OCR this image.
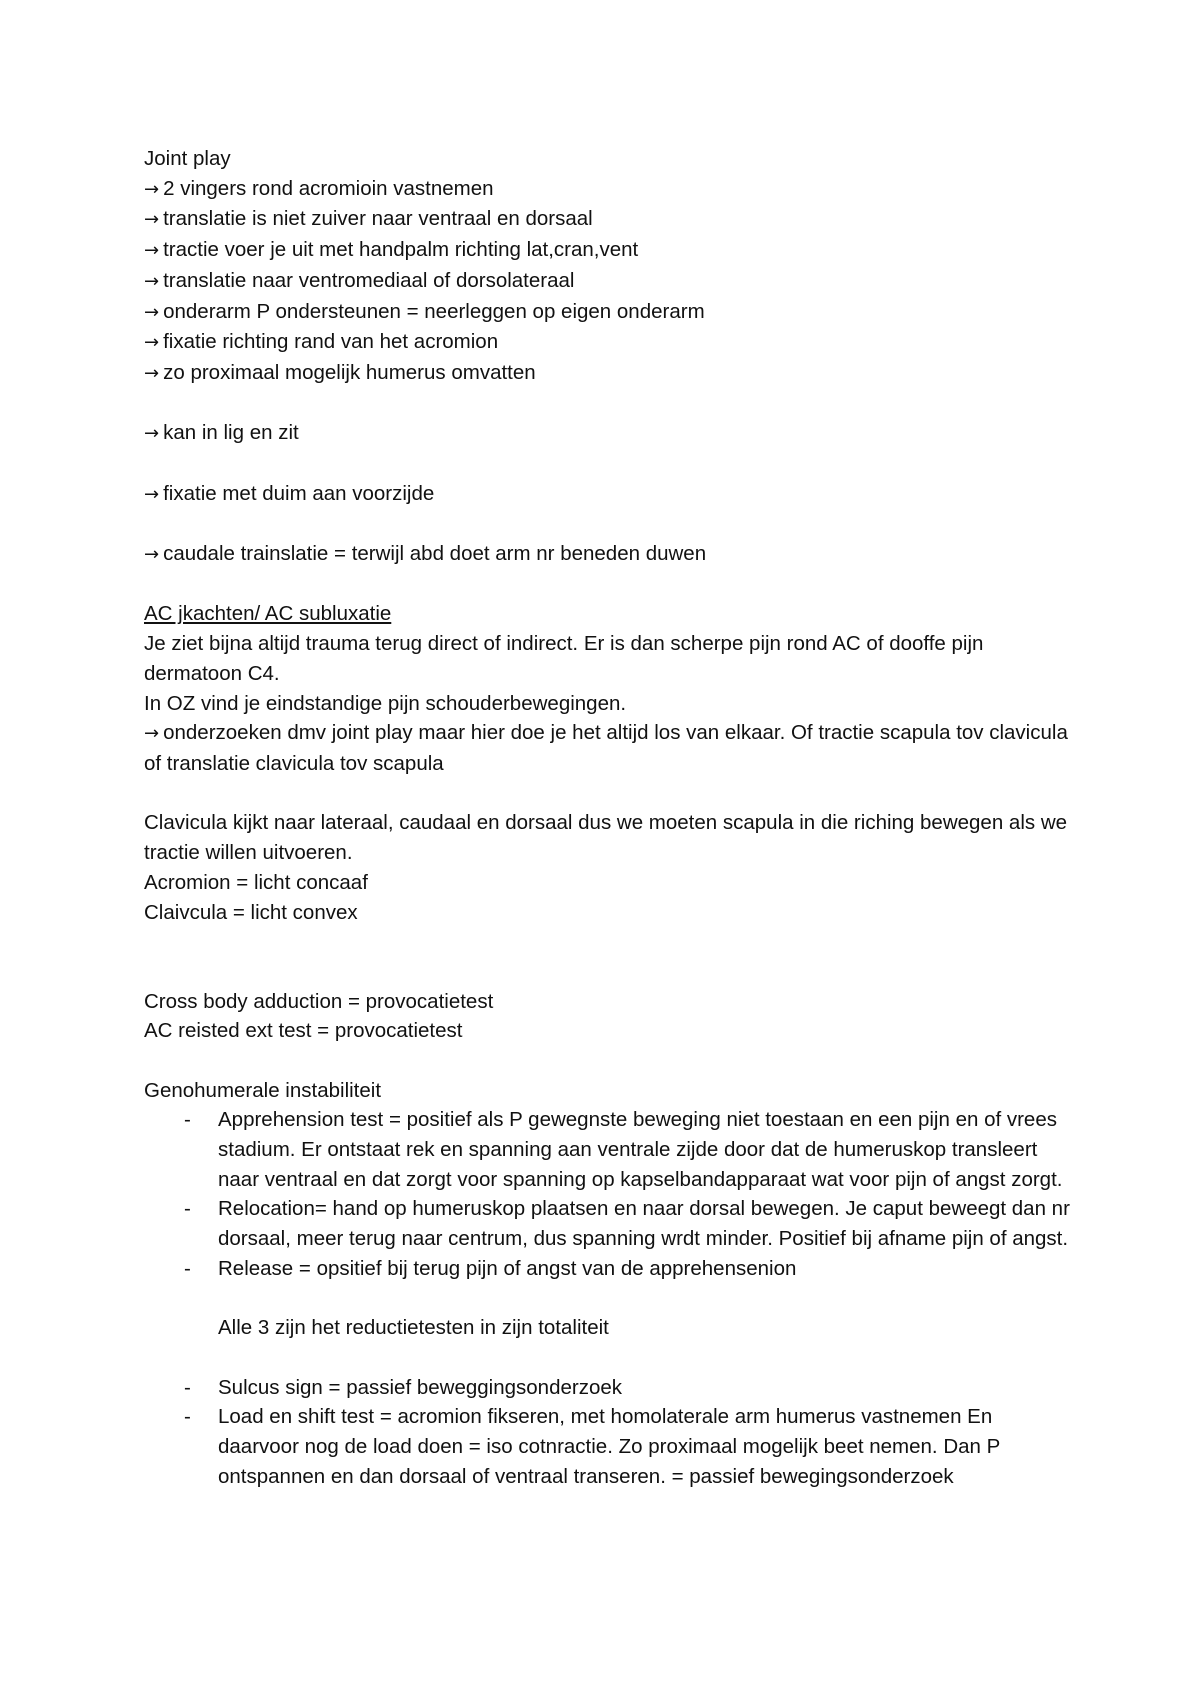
Joint play
→ 2 vingers rond acromioin vastnemen
→ translatie is niet zuiver naar ventraal en dorsaal
→ tractie voer je uit met handpalm richting lat,cran,vent
→ translatie naar ventromediaal of dorsolateraal
→ onderarm P ondersteunen = neerleggen op eigen onderarm
→ fixatie richting rand van het acromion
→ zo proximaal mogelijk humerus omvatten
→ kan in lig en zit
→ fixatie met duim aan voorzijde
→ caudale trainslatie = terwijl abd doet arm nr beneden duwen
AC jkachten/ AC subluxatie
Je ziet bijna altijd trauma terug direct of indirect. Er is dan scherpe pijn rond AC of dooffe pijn dermatoon C4.
In OZ vind je eindstandige pijn schouderbewegingen.
→ onderzoeken dmv joint play maar hier doe je het altijd los van elkaar. Of tractie scapula tov clavicula of translatie clavicula tov scapula
Clavicula kijkt naar lateraal, caudaal en dorsaal dus we moeten scapula in die riching bewegen als we tractie willen uitvoeren.
Acromion = licht concaaf
Claivcula = licht convex
Cross body adduction = provocatietest
AC reisted ext test = provocatietest
Genohumerale instabiliteit
- Apprehension test = positief als P gewegnste beweging niet toestaan en een pijn en of vrees stadium. Er ontstaat rek en spanning aan ventrale zijde door dat de humeruskop transleert naar ventraal en dat zorgt voor spanning op kapselbandapparaat wat voor pijn of angst zorgt.
- Relocation= hand op humeruskop plaatsen en naar dorsal bewegen. Je caput beweegt dan nr dorsaal, meer terug naar centrum, dus spanning wrdt minder. Positief bij afname pijn of angst.
- Release = opsitief bij terug pijn of angst van de apprehensenion
Alle 3 zijn het reductietesten in zijn totaliteit
- Sulcus sign = passief beweggingsonderzoek
- Load en shift test = acromion fikseren, met homolaterale arm humerus vastnemen En daarvoor nog de load doen = iso cotnractie. Zo proximaal mogelijk beet nemen. Dan P ontspannen en dan dorsaal of ventraal transeren. = passief bewegingsonderzoek
